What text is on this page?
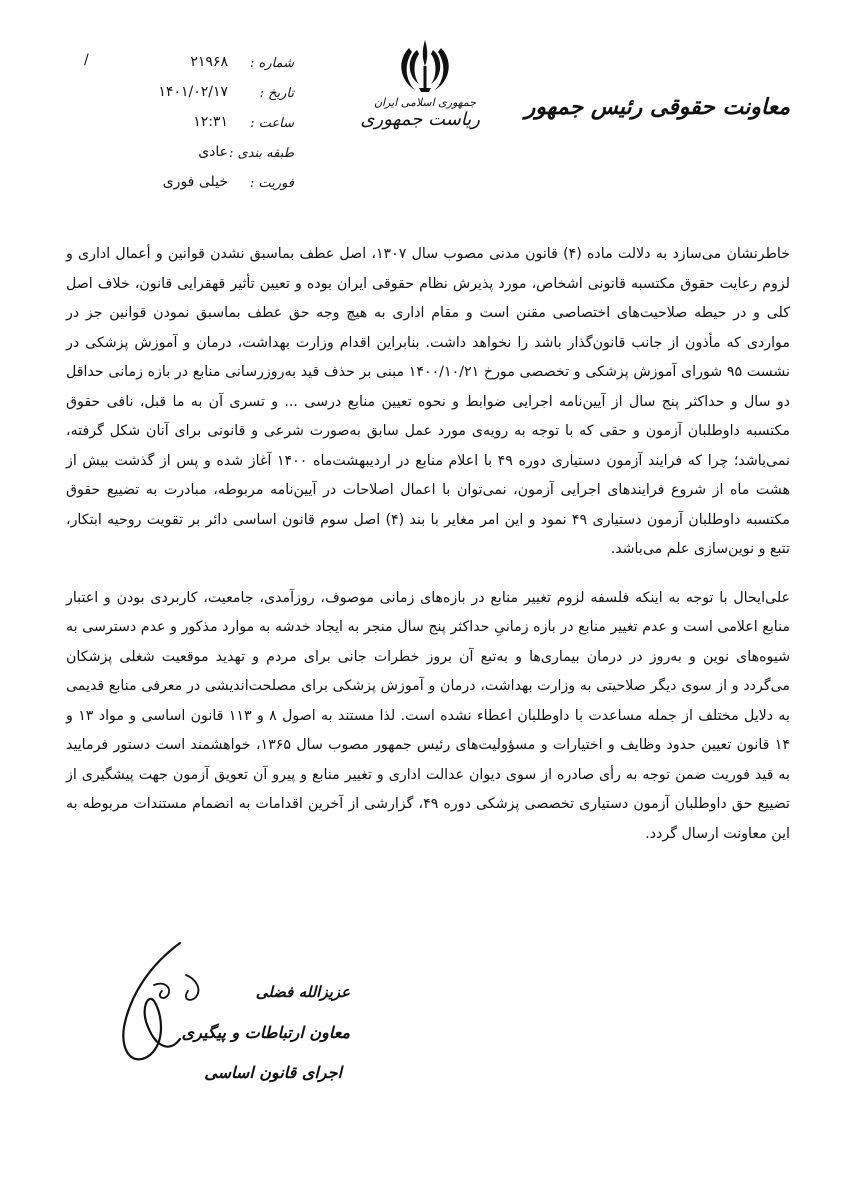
معاونت حقوقی رئیس جمهور
جمهوری اسلامی ایران
ریاست جمهوری
/	۲۱۹۶۸ شماره :
۱۴۰۱/۰۲/۱۷ تاریخ :
۱۲:۳۱ ساعت :
عادی طبقه بندی :
خیلی فوری فوریت :

خاطرنشان می‌سازد به دلالت ماده (۴) قانون مدنی مصوب سال ۱۳۰۷، اصل عطف بماسبق نشدن قوانین و أعمال اداری و لزوم رعایت حقوق مکتسبه قانونی اشخاص، مورد پذیرش نظام حقوقی ایران بوده و تعیین تأثیر قهقرایی قانون، خلاف اصل کلی و در حیطه صلاحیت‌های اختصاصی مقنن است و مقام اداری به هیچ وجه حق عطف بماسبق نمودن قوانین جز در مواردی که مأذون از جانب قانون‌گذار باشد را نخواهد داشت. بنابراین اقدام وزارت بهداشت، درمان و آموزش پزشکی در نشست ۹۵ شورای آموزش پزشکی و تخصصی مورخ ۱۴۰۰/۱۰/۲۱ مبنی بر حذف قید به‌روزرسانی منابع در بازه زمانی حداقل دو سال و حداکثر پنج سال از آیین‌نامه اجرایی ضوابط و نحوه تعیین منابع درسی ... و تسری آن به ما قبل، نافی حقوق مکتسبه داوطلبان آزمون و حقی که با توجه به رویه‌ی مورد عمل سابق به‌صورت شرعی و قانونی برای آنان شکل گرفته، نمی‌باشد؛ چرا که فرایند آزمون دستیاری دوره ۴۹ با اعلام منابع در اردیبهشت‌ماه ۱۴۰۰ آغاز شده و پس از گذشت بیش از هشت ماه از شروع فرایندهای اجرایی آزمون، نمی‌توان با اعمال اصلاحات در آیین‌نامه مربوطه، مبادرت به تضییع حقوق مکتسبه داوطلبان آزمون دستیاری ۴۹ نمود و این امر مغایر با بند (۴) اصل سوم قانون اساسی دائر بر تقویت روحیه ابتکار، تتبع و نوین‌سازی علم می‌باشد.

علی‌ایحال با توجه به اینکه فلسفه لزوم تغییر منابع در بازه‌های زمانی موصوف، روزآمدی، جامعیت، کاربردی بودن و اعتبار منابع اعلامی است و عدم تغییر منابع در بازه زمانیِ حداکثر پنج سال منجر به ایجاد خدشه به موارد مذکور و عدم دسترسی به شیوه‌های نوین و به‌روز در درمان بیماری‌ها و به‌تبع آن بروز خطرات جانی برای مردم و تهدید موقعیت شغلی پزشکان می‌گردد و از سوی دیگر صلاحیتی به وزارت بهداشت، درمان و آموزش پزشکی برای مصلحت‌اندیشی در معرفی منابع قدیمی به دلایل مختلف از جمله مساعدت با داوطلبان اعطاء نشده است. لذا مستند به اصول ۸ و ۱۱۳ قانون اساسی و مواد ۱۳ و ۱۴ قانون تعیین حدود وظایف و اختیارات و مسؤولیت‌های رئیس جمهور مصوب سال ۱۳۶۵، خواهشمند است دستور فرمایید به قید فوریت ضمن توجه به رأی صادره از سوی دیوان عدالت اداری و تغییر منابع و پیرو آن تعویق آزمون جهت پیشگیری از تضییع حق داوطلبان آزمون دستیاری تخصصی پزشکی دوره ۴۹، گزارشی از آخرین اقدامات به انضمام مستندات مربوطه به این معاونت ارسال گردد.

عزیزالله فضلی
معاون ارتباطات و پیگیری
اجرای قانون اساسی
